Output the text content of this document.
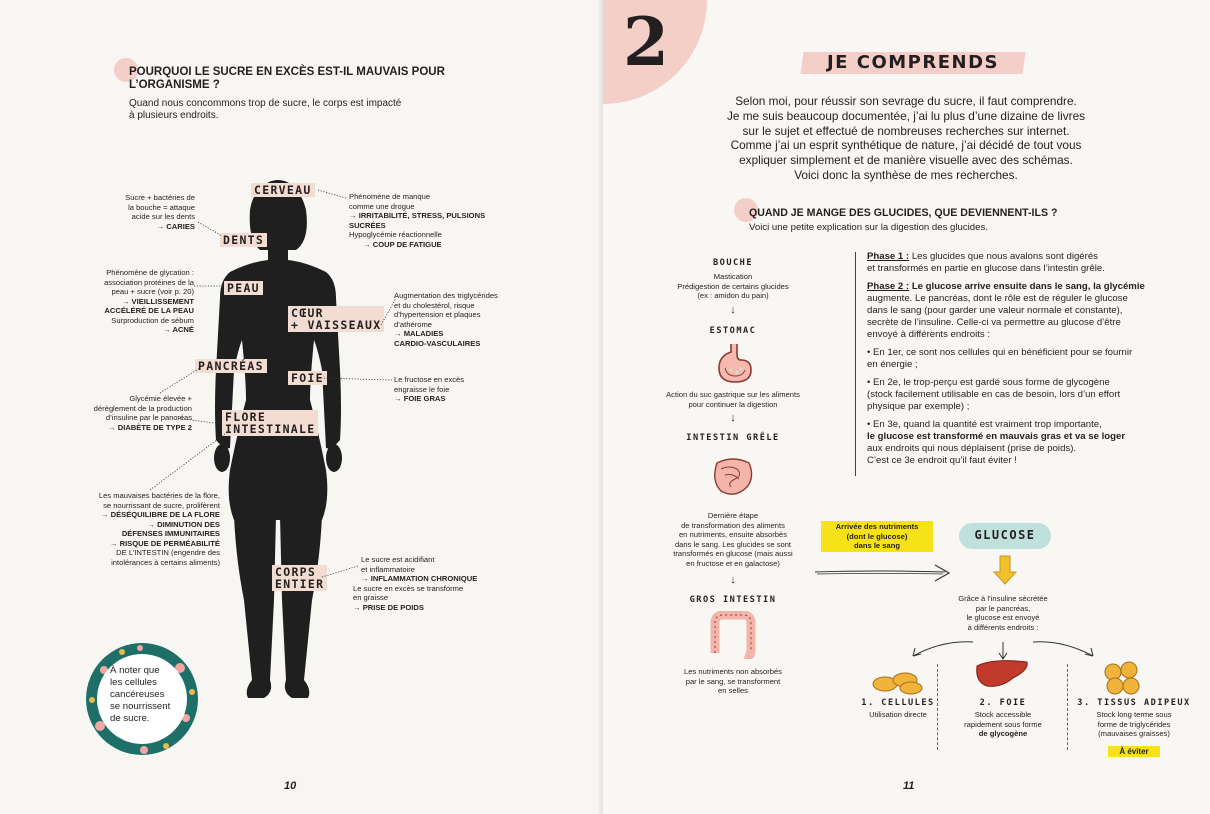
POURQUOI LE SUCRE EN EXCÈS EST-IL MAUVAIS POUR L’ORGANISME ?
Quand nous concommons trop de sucre, le corps est impacté
à plusieurs endroits.
CERVEAU
DENTS
PEAU
CŒUR
+ VAISSEAUX
PANCRÉAS
FOIE
FLORE
INTESTINALE
CORPS
ENTIER
Sucre + bactéries de
la bouche = attaque
acide sur les dents
→ CARIES
Phénomène de manque
comme une drogue
→ IRRITABILITÉ, STRESS, PULSIONS
SUCRÉES
Hypoglycémie réactionnelle
→ COUP DE FATIGUE
Phénomène de glycation :
association protéines de la
peau + sucre (voir p. 20)
→ VIEILLISSEMENT
ACCÉLÉRÉ DE LA PEAU
Surproduction de sébum
→ ACNÉ
Augmentation des triglycérides
et du cholestérol, risque
d’hypertension et plaques
d’athérome
→ MALADIES
CARDIO-VASCULAIRES
Le fructose en excès
engraisse le foie
→ FOIE GRAS
Glycémie élevée +
dérèglement de la production
d’insuline par le pancréas
→ DIABÈTE DE TYPE 2
Les mauvaises bactéries de la flore,
se nourrissant de sucre, prolifèrent
→ DÉSÉQUILIBRE DE LA FLORE
→ DIMINUTION DES
DÉFENSES IMMUNITAIRES
→ RISQUE DE PERMÉABILITÉ
DE L’INTESTIN (engendre des
intolérances à certains aliments)	Le sucre est acidifiant
et inflammatoire
→ INFLAMMATION CHRONIQUE
Le sucre en excès se transforme
en graisse
→ PRISE DE POIDS
À noter que
les cellules
cancéreuses
se nourrissent
de sucre.
10
2	JE COMPRENDS
Selon moi, pour réussir son sevrage du sucre, il faut comprendre.
Je me suis beaucoup documentée, j’ai lu plus d’une dizaine de livres
sur le sujet et effectué de nombreuses recherches sur internet.
Comme j’ai un esprit synthétique de nature, j’ai décidé de tout vous
expliquer simplement et de manière visuelle avec des schémas.
Voici donc la synthèse de mes recherches.
QUAND JE MANGE DES GLUCIDES, QUE DEVIENNENT-ILS ?
Voici une petite explication sur la digestion des glucides.
BOUCHE
Mastication
Prédigestion de certains glucides
(ex : amidon du pain)
↓
ESTOMAC
Action du suc gastrique sur les aliments
pour continuer la digestion
↓
INTESTIN GRÊLE
Dernière étape
de transformation des aliments
en nutriments, ensuite absorbés
dans le sang. Les glucides se sont
transformés en glucose (mais aussi
en fructose et en galactose)
↓
GROS INTESTIN
Les nutriments non absorbés
par le sang, se transforment
en selles
Phase 1 : Les glucides que nous avalons sont digérés
et transformés en partie en glucose dans l’intestin grêle.
Phase 2 : Le glucose arrive ensuite dans le sang, la glycémie
augmente. Le pancréas, dont le rôle est de réguler le glucose
dans le sang (pour garder une valeur normale et constante),
secrète de l’insuline. Celle-ci va permettre au glucose d’être
envoyé à différents endroits :
• En 1er, ce sont nos cellules qui en bénéficient pour se fournir
en énergie ;
• En 2e, le trop-perçu est gardé sous forme de glycogène
(stock facilement utilisable en cas de besoin, lors d’un effort
physique par exemple) ;
• En 3e, quand la quantité est vraiment trop importante,
le glucose est transformé en mauvais gras et va se loger
aux endroits qui nous déplaisent (prise de poids).
C’est ce 3e endroit qu’il faut éviter !
Arrivée des nutriments
(dont le glucose)
dans le sang
GLUCOSE
Grâce à l’insuline sécrétée
par le pancréas,
le glucose est envoyé
à différents endroits :
1. CELLULES
Utilisation directe
2. FOIE
Stock accessible
rapidement sous forme
de glycogène
3. TISSUS ADIPEUX
Stock long terme sous
forme de triglycérides
(mauvaises graisses)
À éviter
11
